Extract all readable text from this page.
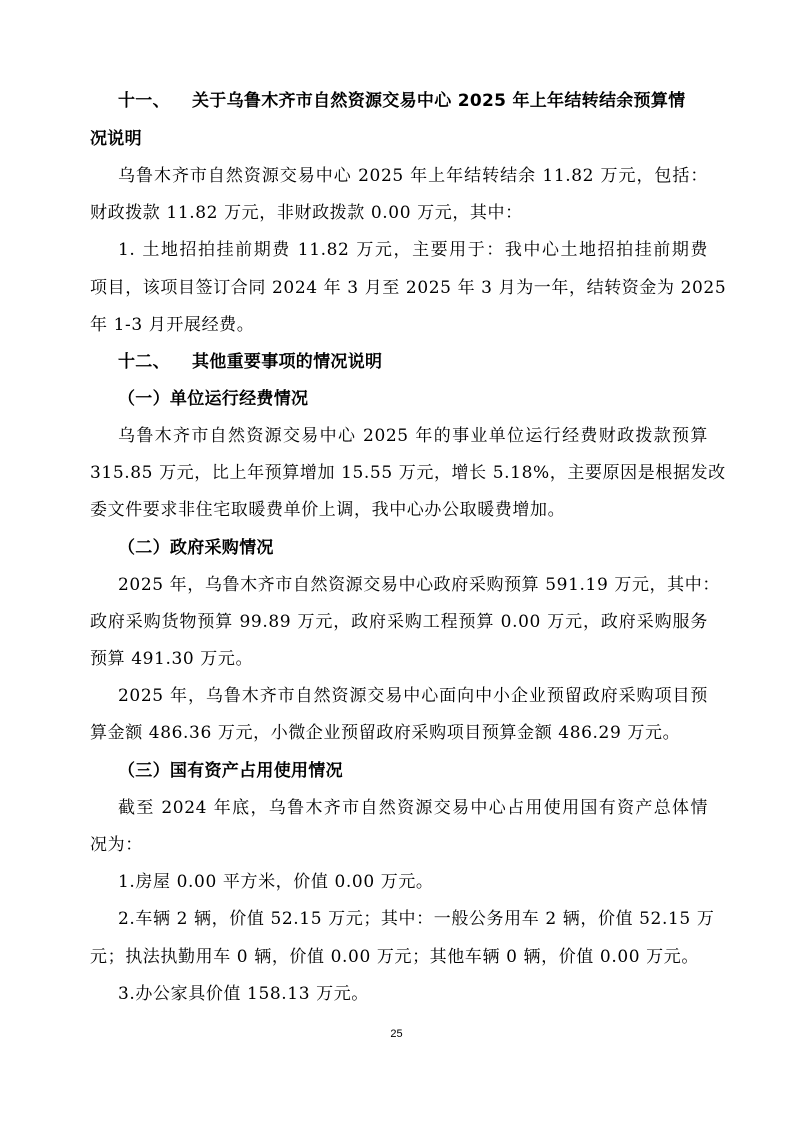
十一、 关于乌鲁木齐市自然资源交易中心 2025 年上年结转结余预算情
况说明
乌鲁木齐市自然资源交易中心 2025 年上年结转结余 11.82 万元，包括：
财政拨款 11.82 万元，非财政拨款 0.00 万元，其中：
1. 土地招拍挂前期费 11.82 万元，主要用于：我中心土地招拍挂前期费
项目，该项目签订合同 2024 年 3 月至 2025 年 3 月为一年，结转资金为 2025
年 1-3 月开展经费。
十二、 其他重要事项的情况说明
（一）单位运行经费情况
乌鲁木齐市自然资源交易中心 2025 年的事业单位运行经费财政拨款预算
315.85 万元，比上年预算增加 15.55 万元，增长 5.18%，主要原因是根据发改
委文件要求非住宅取暖费单价上调，我中心办公取暖费增加。
（二）政府采购情况
2025 年，乌鲁木齐市自然资源交易中心政府采购预算 591.19 万元，其中：
政府采购货物预算 99.89 万元，政府采购工程预算 0.00 万元，政府采购服务
预算 491.30 万元。
2025 年，乌鲁木齐市自然资源交易中心面向中小企业预留政府采购项目预
算金额 486.36 万元，小微企业预留政府采购项目预算金额 486.29 万元。
（三）国有资产占用使用情况
截至 2024 年底，乌鲁木齐市自然资源交易中心占用使用国有资产总体情
况为：
1.房屋 0.00 平方米，价值 0.00 万元。
2.车辆 2 辆，价值 52.15 万元；其中：一般公务用车 2 辆，价值 52.15 万
元；执法执勤用车 0 辆，价值 0.00 万元；其他车辆 0 辆，价值 0.00 万元。
3.办公家具价值 158.13 万元。
25
